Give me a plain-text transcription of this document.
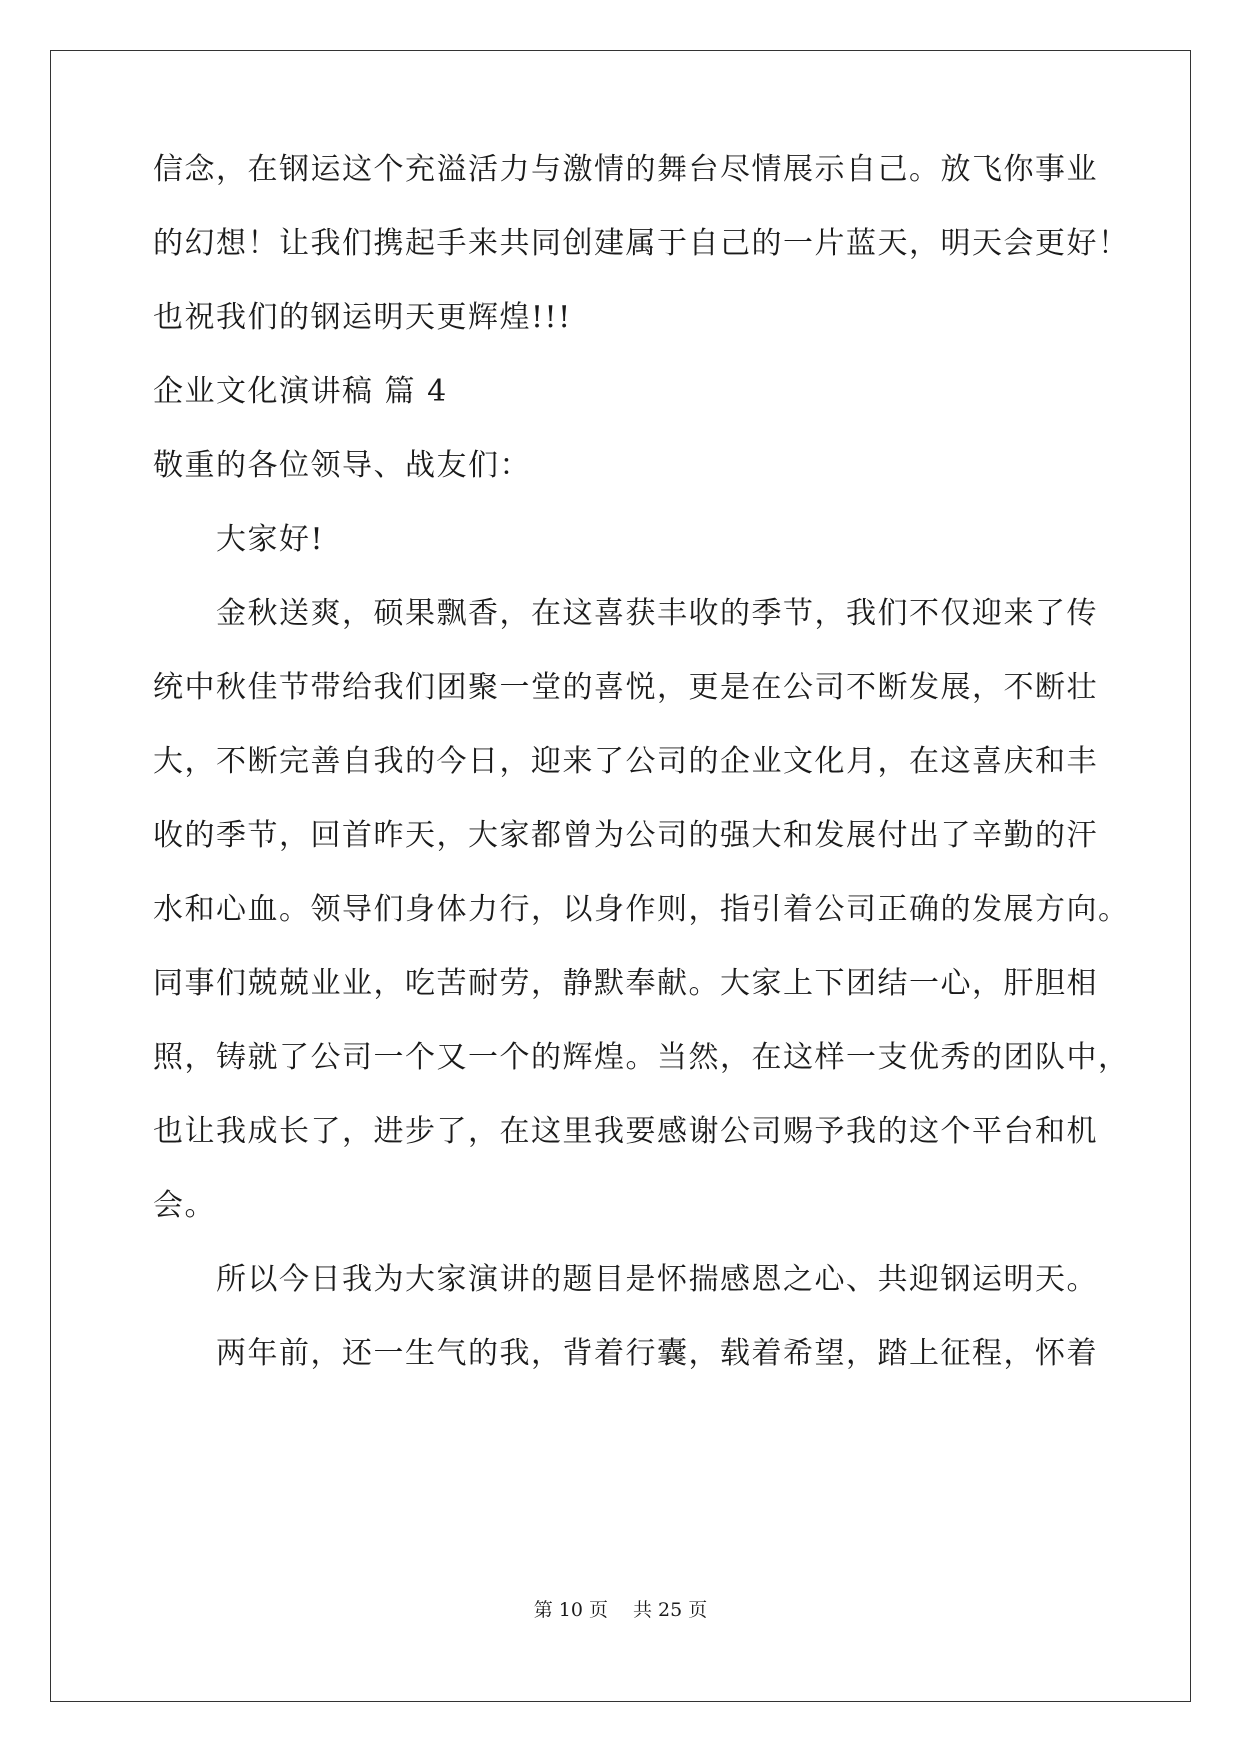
信念，在钢运这个充溢活力与激情的舞台尽情展示自己。放飞你事业
的幻想！让我们携起手来共同创建属于自己的一片蓝天，明天会更好！
也祝我们的钢运明天更辉煌!!!
企业文化演讲稿 篇 4
敬重的各位领导、战友们：
大家好!
金秋送爽，硕果飘香，在这喜获丰收的季节，我们不仅迎来了传
统中秋佳节带给我们团聚一堂的喜悦，更是在公司不断发展，不断壮
大，不断完善自我的今日，迎来了公司的企业文化月，在这喜庆和丰
收的季节，回首昨天，大家都曾为公司的强大和发展付出了辛勤的汗
水和心血。领导们身体力行，以身作则，指引着公司正确的发展方向。
同事们兢兢业业，吃苦耐劳，静默奉献。大家上下团结一心，肝胆相
照，铸就了公司一个又一个的辉煌。当然，在这样一支优秀的团队中，
也让我成长了，进步了，在这里我要感谢公司赐予我的这个平台和机
会。
所以今日我为大家演讲的题目是怀揣感恩之心、共迎钢运明天。
两年前，还一生气的我，背着行囊，载着希望，踏上征程，怀着
第 10 页　 共 25 页
